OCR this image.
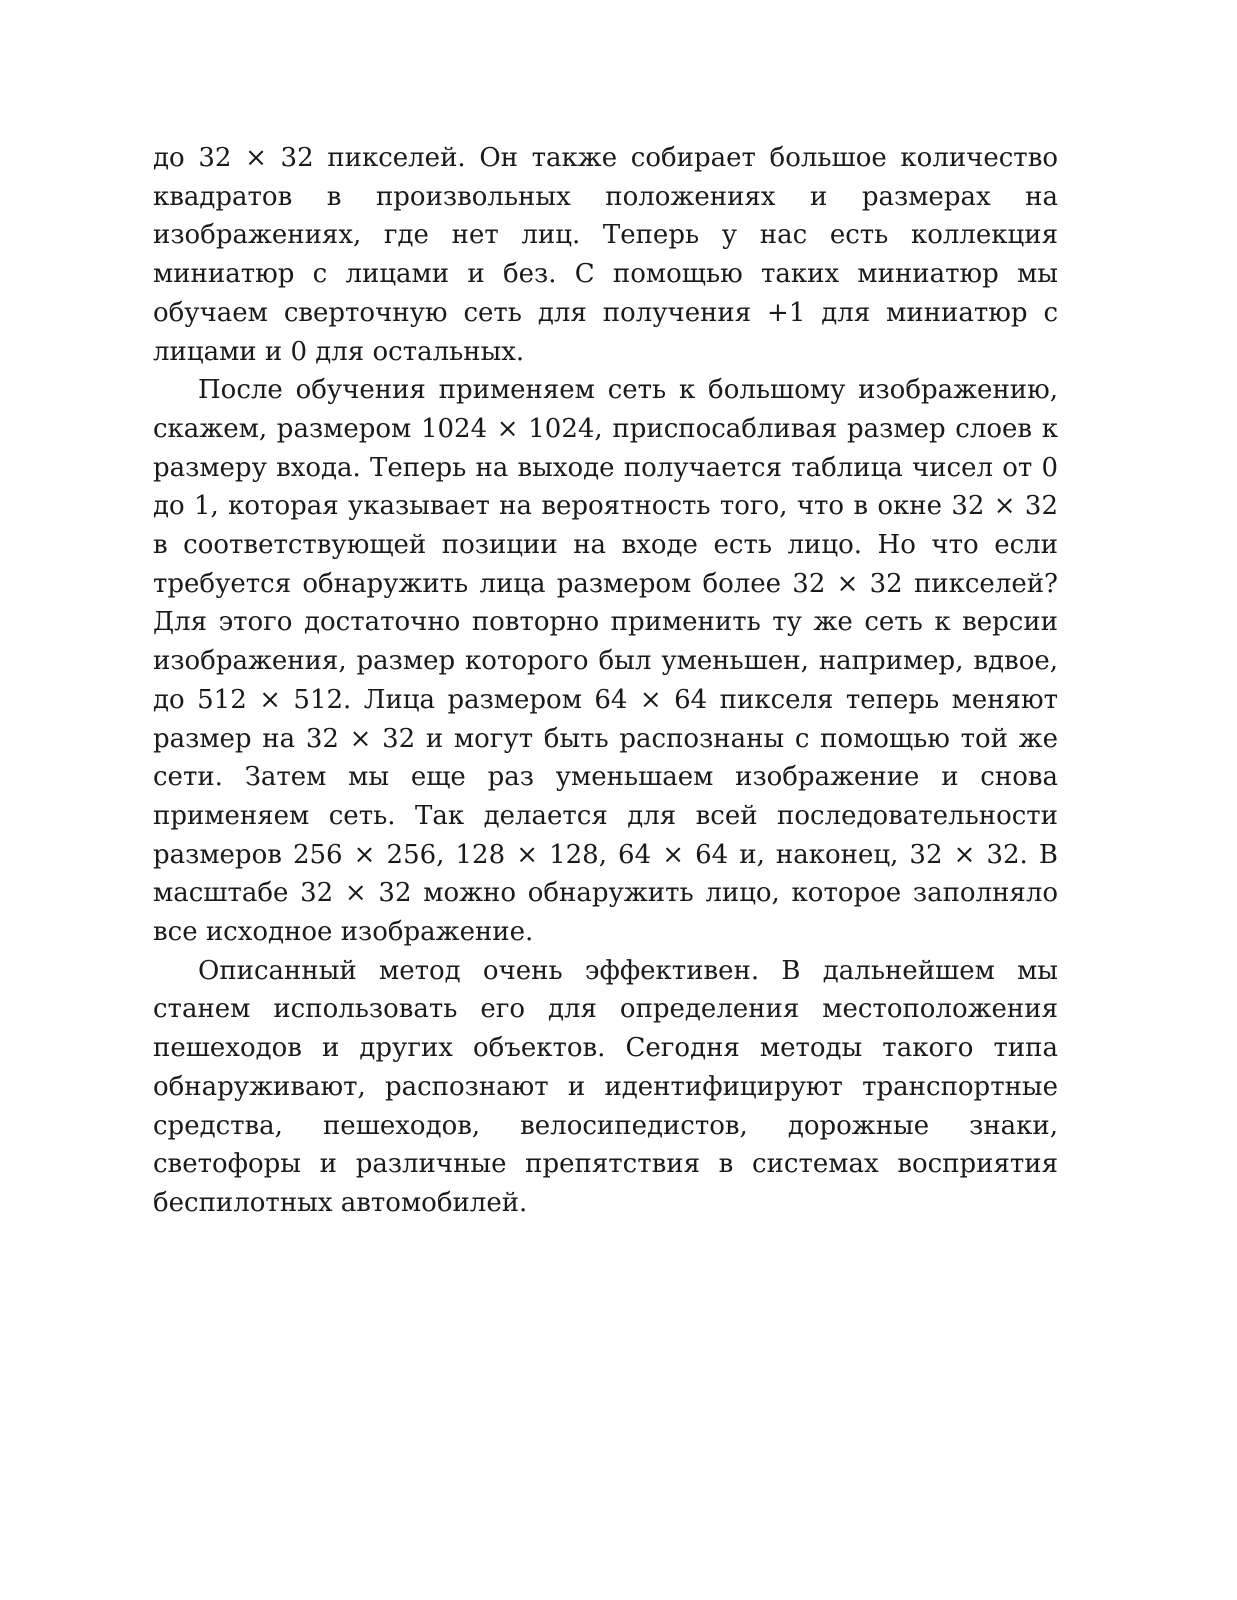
до 32 × 32 пикселей. Он также собирает большое количество квадратов в произвольных положениях и размерах на изображениях, где нет лиц. Теперь у нас есть коллекция миниатюр с лицами и без. С помощью таких миниатюр мы обучаем сверточную сеть для получения +1 для миниатюр с лицами и 0 для остальных.

После обучения применяем сеть к большому изображению, скажем, размером 1024 × 1024, приспосабливая размер слоев к размеру входа. Теперь на выходе получается таблица чисел от 0 до 1, которая указывает на вероятность того, что в окне 32 × 32 в соответствующей позиции на входе есть лицо. Но что если требуется обнаружить лица размером более 32 × 32 пикселей? Для этого достаточно повторно применить ту же сеть к версии изображения, размер которого был уменьшен, например, вдвое, до 512 × 512. Лица размером 64 × 64 пикселя теперь меняют размер на 32 × 32 и могут быть распознаны с помощью той же сети. Затем мы еще раз уменьшаем изображение и снова применяем сеть. Так делается для всей последовательности размеров 256 × 256, 128 × 128, 64 × 64 и, наконец, 32 × 32. В масштабе 32 × 32 можно обнаружить лицо, которое заполняло все исходное изображение.

Описанный метод очень эффективен. В дальнейшем мы станем использовать его для определения местоположения пешеходов и других объектов. Сегодня методы такого типа обнаруживают, распознают и идентифицируют транспортные средства, пешеходов, велосипедистов, дорожные знаки, светофоры и различные препятствия в системах восприятия беспилотных автомобилей.
